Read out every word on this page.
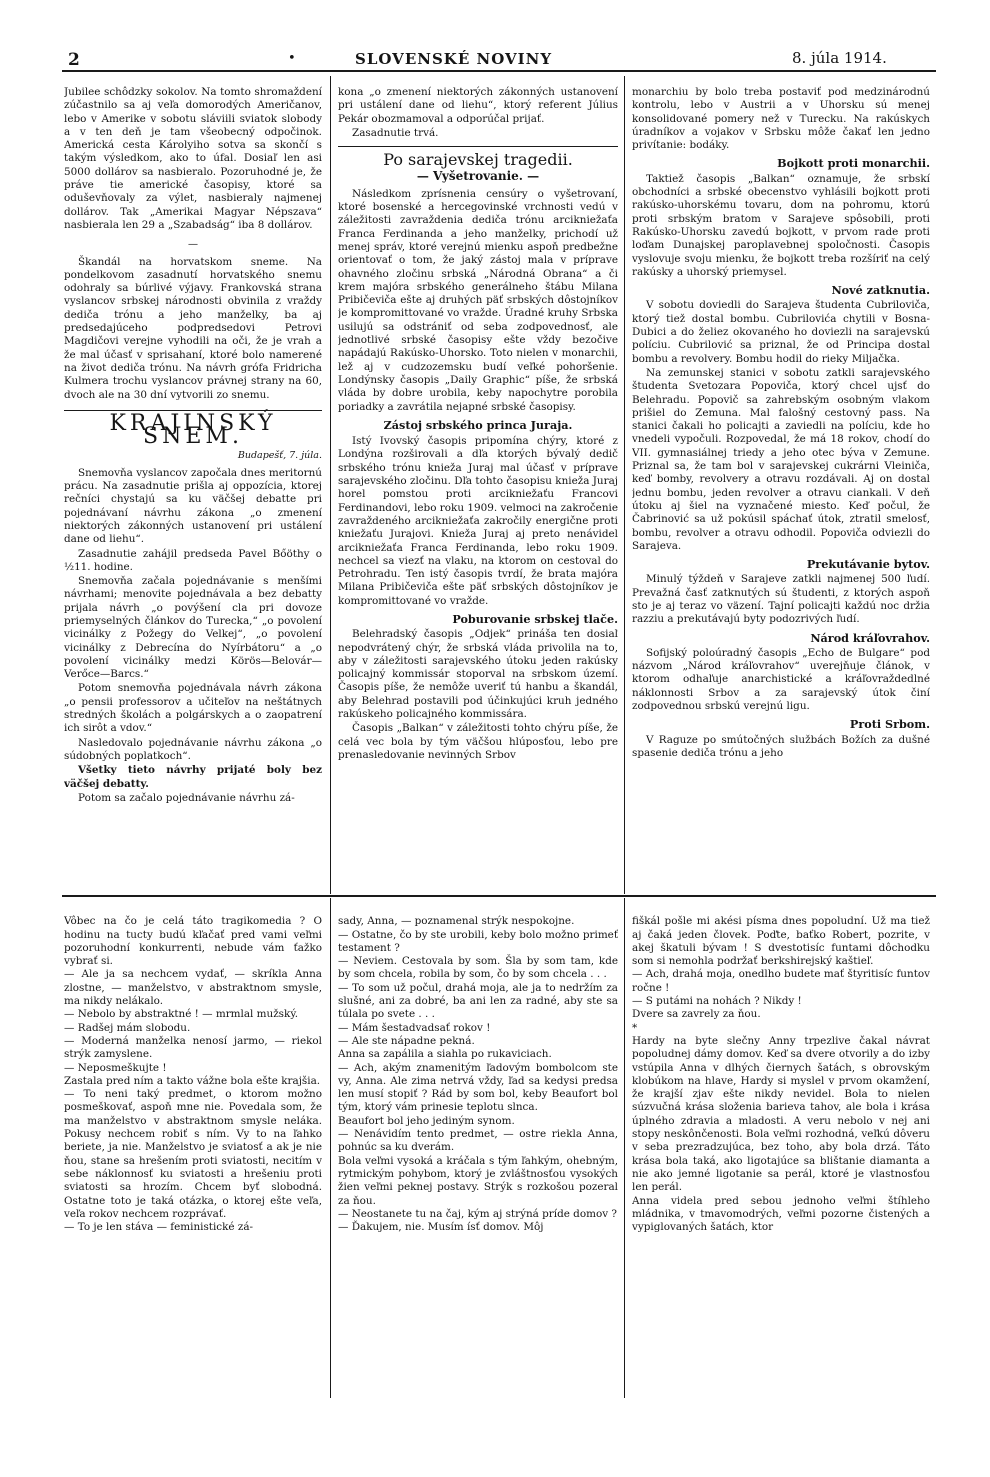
2	•	SLOVENSKÉ NOVINY	8. júla 1914.

Jubilee schôdzky sokolov. Na tomto shromaždení zúčastnilo sa aj veľa domorodých Američanov, lebo v Amerike v sobotu sláviili sviatok slobody a v ten deň je tam všeobecný odpočinok. Americká cesta Károlyiho sotva sa skončí s takým výsledkom, ako to úfal. Dosiaľ len asi 5000 dollárov sa nasbieralo. Pozoruhodné je, že práve tie americké časopisy, ktoré sa oduševňovaly za výlet, nasbieraly najmenej dollárov. Tak „Amerikai Magyar Népszava“ nasbierala len 29 a „Szabadság“ iba 8 dollárov.

—

Škandál na horvatskom sneme. Na pondelkovom zasadnutí horvatského snemu odohraly sa búrlivé výjavy. Frankovská strana vyslancov srbskej národnosti obvinila z vraždy dediča trónu a jeho manželky, ba aj predsedajúceho podpredsedovi Petrovi Magdičovi verejne vyhodili na oči, že je vrah a že mal účasť v sprisahaní, ktoré bolo namerené na život dediča trónu. Na návrh grófa Fridricha Kulmera trochu vyslancov právnej strany na 60, dvoch ale na 30 dní vytvorili zo snemu.

KRAJINSKÝ SNEM.
Budapešť, 7. júla.

Snemovňa vyslancov započala dnes meritornú prácu. Na zasadnutie prišla aj oppozícia, ktorej rečníci chystajú sa ku väčšej debatte pri pojednávaní návrhu zákona „o zmenení niektorých zákonných ustanovení pri ustálení dane od liehu“.

Zasadnutie zahájil predseda Pavel Bőöthy o ½11. hodine.

Snemovňa začala pojednávanie s menšími návrhami; menovite pojednávala a bez debatty prijala návrh „o povýšení cla pri dovoze priemyselných článkov do Turecka,“ „o povolení vicinálky z Požegy do Velkej“, „o povolení vicinálky z Debrecína do Nyírbátoru“ a „o povolení vicinálky medzi Körös—Belovár—Verőce—Barcs.“

Potom snemovňa pojednávala návrh zákona „o pensii professorov a učiteľov na neštátnych stredných školách a polgárskych a o zaopatrení ich sirôt a vdov.“

Nasledovalo pojednávanie návrhu zákona „o súdobných poplatkoch“.

Všetky tieto návrhy prijaté boly bez väčšej debatty.

Potom sa začalo pojednávanie návrhu zá-

kona „o zmenení niektorých zákonných ustanovení pri ustálení dane od liehu“, ktorý referent Július Pekár obozmamoval a odporúčal prijať.

Zasadnutie trvá.

Po sarajevskej tragedii.
— Vyšetrovanie. —

Následkom zprísnenia censúry o vyšetrovaní, ktoré bosenské a hercegovinské vrchnosti vedú v záležitosti zavraždenia dediča trónu arcikniežaťa Franca Ferdinanda a jeho manželky, prichodí už menej správ, ktoré verejnú mienku aspoň predbežne orientovať o tom, že jaký zástoj mala v príprave ohavného zločinu srbská „Národná Obrana“ a či krem majóra srbského generálneho štábu Milana Pribičeviča ešte aj druhých päť srbských dôstojníkov je kompromittované vo vražde. Úradné kruhy Srbska usilujú sa odstrániť od seba zodpovednosť, ale jednotlivé srbské časopisy ešte vždy bezočive napádajú Rakúsko-Uhorsko. Toto nielen v monarchii, lež aj v cudzozemsku budí veľké pohoršenie. Londýnsky časopis „Daily Graphic“ píše, že srbská vláda by dobre urobila, keby napochytre porobila poriadky a zavrátila nejapné srbské časopisy.

Zástoj srbského princa Juraja.

Istý Ivovský časopis pripomína chýry, ktoré z Londýna rozširovali a dľa ktorých bývalý dedič srbského trónu knieža Juraj mal účasť v príprave sarajevského zločinu. Dľa tohto časopisu knieža Juraj horel pomstou proti arcikniežaťu Francovi Ferdinandovi, lebo roku 1909. velmoci na zakročenie zavraždeného arcikniežaťa zakročily energične proti kniežaťu Jurajovi. Knieža Juraj aj preto nenávidel arcikniežaťa Franca Ferdinanda, lebo roku 1909. nechcel sa viezť na vlaku, na ktorom on cestoval do Petrohradu. Ten istý časopis tvrdí, že brata majóra Milana Pribičeviča ešte päť srbských dôstojníkov je kompromittované vo vražde.

Poburovanie srbskej tlače.

Belehradský časopis „Odjek“ prináša ten dosiaľ nepodvrátený chýr, že srbská vláda privolila na to, aby v záležitosti sarajevského útoku jeden rakúsky policajný kommissár stoporval na srbskom území. Časopis píše, že nemôže uveriť tú hanbu a škandál, aby Belehrad postavili pod účinkujúci kruh jedného rakúskeho policajného kommissára.

Časopis „Balkan“ v záležitosti tohto chýru píše, že celá vec bola by tým väčšou hlúposťou, lebo pre prenasledovanie nevinných Srbov

monarchiu by bolo treba postaviť pod medzinárodnú kontrolu, lebo v Austrii a v Uhorsku sú menej konsolidované pomery než v Turecku. Na rakúskych úradníkov a vojakov v Srbsku môže čakať len jedno privítanie: bodáky.

Bojkott proti monarchii.

Taktiež časopis „Balkan“ oznamuje, že srbskí obchodníci a srbské obecenstvo vyhlásili bojkott proti rakúsko-uhorskému tovaru, dom na pohromu, ktorú proti srbským bratom v Sarajeve spôsobili, proti Rakúsko-Uhorsku zavedú bojkott, v prvom rade proti loďam Dunajskej paroplavebnej spoločnosti. Časopis vyslovuje svoju mienku, že bojkott treba rozšíriť na celý rakúsky a uhorský priemysel.

Nové zatknutia.

V sobotu doviedli do Sarajeva študenta Cubriloviča, ktorý tiež dostal bombu. Cubrilovića chytili v Bosna-Dubici a do želiez okovaného ho doviezli na sarajevskú políciu. Cubrilović sa priznal, že od Principa dostal bombu a revolvery. Bombu hodil do rieky Miljačka.

Na zemunskej stanici v sobotu zatkli sarajevského študenta Svetozara Popoviča, ktorý chcel ujsť do Belehradu. Popovič sa zahrebským osobným vlakom prišiel do Zemuna. Mal falošný cestovný pass. Na stanici čakali ho policajti a zaviedli na políciu, kde ho vnedeli vypočuli. Rozpovedal, že má 18 rokov, chodí do VII. gymnasiálnej triedy a jeho otec býva v Zemune. Priznal sa, že tam bol v sarajevskej cukrárni Vleiniča, keď bomby, revolvery a otravu rozdávali. Aj on dostal jednu bombu, jeden revolver a otravu ciankali. V deň útoku aj šiel na vyznačené miesto. Keď počul, že Čabrinović sa už pokúsil spáchať útok, ztratil smelosť, bombu, revolver a otravu odhodil. Popoviča odviezli do Sarajeva.

Prekutávanie bytov.

Minulý týždeň v Sarajeve zatkli najmenej 500 ľudí. Prevažná časť zatknutých sú študenti, z ktorých aspoň sto je aj teraz vo väzení. Tajní policajti každú noc držia razziu a prekutávajú byty podozrivých ľudí.

Národ kráľovrahov.

Sofijský poloúradný časopis „Echo de Bulgare“ pod názvom „Národ kráľovrahov“ uverejňuje článok, v ktorom odhaľuje anarchistické a kráľovraždedlné náklonnosti Srbov a za sarajevský útok činí zodpovednou srbskú verejnú ligu.

Proti Srbom.

V Raguze po smútočných službách Božích za dušné spasenie dediča trónu a jeho

Vôbec na čo je celá táto tragikomedia ? O hodinu na tucty budú kľačať pred vami veľmi pozoruhodní konkurrenti, nebude vám ťažko vybrať si.
— Ale ja sa nechcem vydať, — skríkla Anna zlostne, — manželstvo, v abstraktnom smysle, ma nikdy nelákalo.
— Nebolo by abstraktné ! — mrmlal mužský.
— Radšej mám slobodu.
— Moderná manželka nenosí jarmo, — riekol strýk zamyslene.
— Neposmeškujte !
Zastala pred ním a takto vážne bola ešte krajšia.
— To neni taký predmet, o ktorom možno posmeškovať, aspoň mne nie. Povedala som, že ma manželstvo v abstraktnom smysle neláka. Pokusy nechcem robiť s ním. Vy to na ľahko beriete, ja nie. Manželstvo je sviatosť a ak je nie ňou, stane sa hrešením proti sviatosti, necitím v sebe náklonnosť ku sviatosti a hrešeniu proti sviatosti sa hrozím. Chcem byť slobodná. Ostatne toto je taká otázka, o ktorej ešte veľa, veľa rokov nechcem rozprávať.
— To je len stáva — feministické zá-

sady, Anna, — poznamenal strýk nespokojne.
— Ostatne, čo by ste urobili, keby bolo možno primeť testament ?
— Neviem. Cestovala by som. Šla by som tam, kde by som chcela, robila by som, čo by som chcela . . .
— To som už počul, drahá moja, ale ja to nedržím za slušné, ani za dobré, ba ani len za radné, aby ste sa túlala po svete . . .
— Mám šestadvadsať rokov !
— Ale ste nápadne pekná.
Anna sa zapálila a siahla po rukaviciach.
— Ach, akým znamenitým ľadovým bombolcom ste vy, Anna. Ale zima netrvá vždy, ľad sa kedysi predsa len musí stopiť ? Rád by som bol, keby Beaufort bol tým, ktorý vám prinesie teplotu slnca.
Beaufort bol jeho jediným synom.
— Nenávidím tento predmet, — ostre riekla Anna, pohnúc sa ku dverám.
Bola veľmi vysoká a kráčala s tým ľahkým, ohebným, rytmickým pohybom, ktorý je zvláštnosťou vysokých žien veľmi peknej postavy. Strýk s rozkošou pozeral za ňou.
— Neostanete tu na čaj, kým aj strýná príde domov ?
— Ďakujem, nie. Musím ísť domov. Môj

fiškál pošle mi akési písma dnes popoludní. Už ma tiež aj čaká jeden človek. Poďte, baťko Robert, pozrite, v akej škatuli bývam ! S dvestotisíc funtami dôchodku som si nemohla podržať berkshirejský kaštieľ.
— Ach, drahá moja, onedlho budete mať štyritisíc funtov ročne !
— S putámi na nohách ? Nikdy !
Dvere sa zavrely za ňou.
*
Hardy na byte slečny Anny trpezlive čakal návrat popoludnej dámy domov. Keď sa dvere otvorily a do izby vstúpila Anna v dlhých čiernych šatách, s obrovským klobúkom na hlave, Hardy si myslel v prvom okamžení, že krajší zjav ešte nikdy nevidel. Bola to nielen súzvučná krása složenia barieva tahov, ale bola i krása úplného zdravia a mladosti. A veru nebolo v nej ani stopy neskônčenosti. Bola veľmi rozhodná, veľkú dôveru v seba prezradzujúca, bez toho, aby bola drzá. Táto krása bola taká, ako ligotajúce sa blištanie diamanta a nie ako jemné ligotanie sa perál, ktoré je vlastnosťou len perál.
Anna videla pred sebou jednoho veľmi štíhleho mládnika, v tmavomodrých, veľmi pozorne čistených a vypiglovaných šatách, ktor
